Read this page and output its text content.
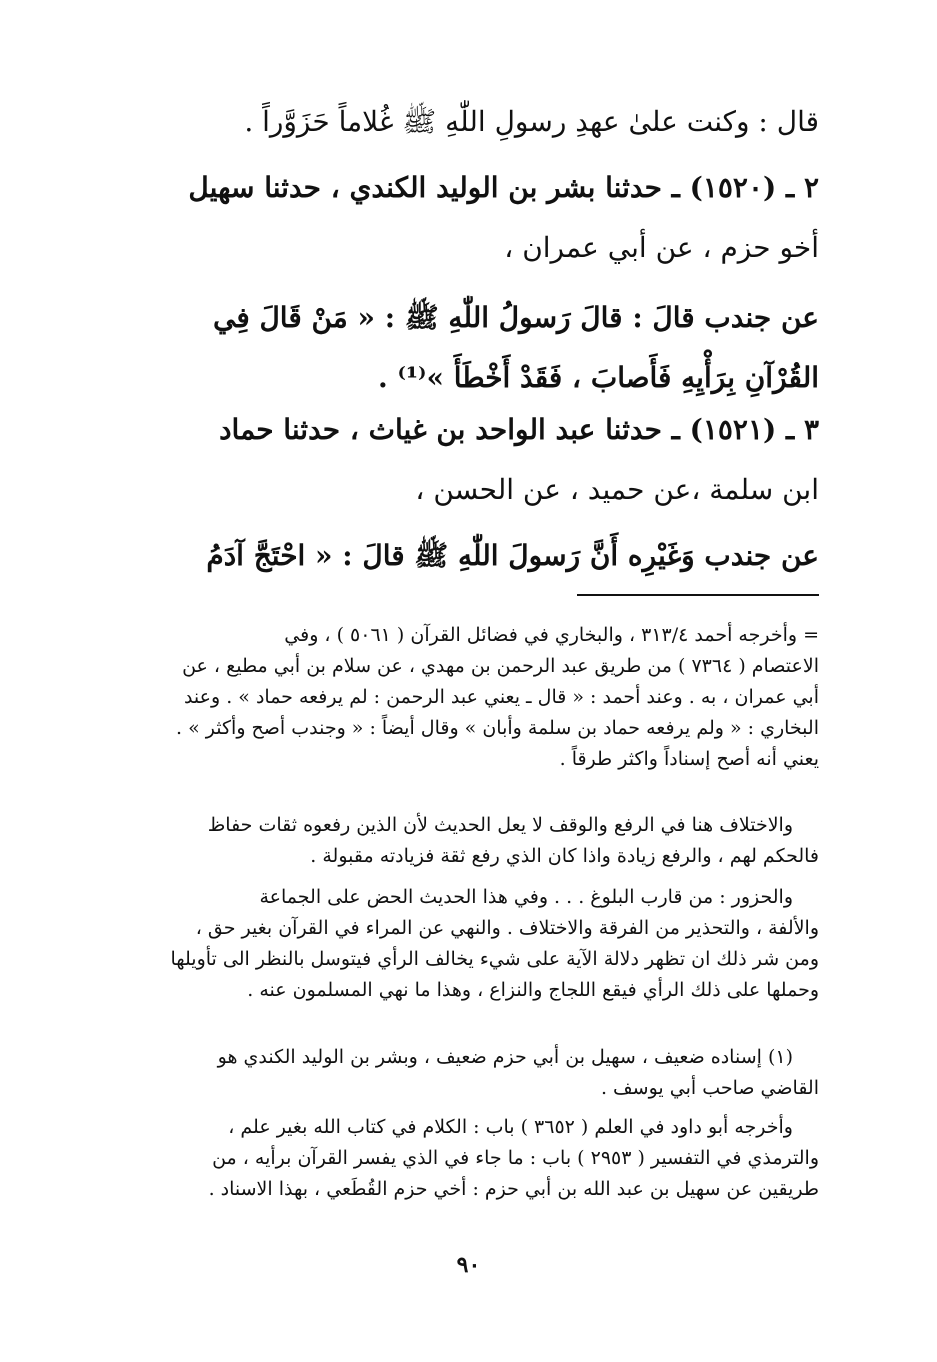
قال : وكنت علىٰ عهدِ رسولِ اللّٰهِ ﷺ غُلاماً حَزَوَّراً .

٢ ـ (١٥٢٠) ـ حدثنا بشر بن الوليد الكندي ، حدثنا سهيل
أخو حزم ، عن أبي عمران ،

عن جندب قالَ : قالَ رَسولُ اللّٰهِ ﷺ : « مَنْ قَالَ فِي
القُرْآنِ بِرَأْيِهِ فَأَصابَ ، فَقَدْ أَخْطَأَ »⁽¹⁾ .

٣ ـ (١٥٢١) ـ حدثنا عبد الواحد بن غياث ، حدثنا حماد
ابن سلمة ،عن حميد ، عن الحسن ،

عن جندب وَغَيْرِه أَنَّ رَسولَ اللّٰهِ ﷺ قالَ : « احْتَجَّ آدَمُ

= وأخرجه أحمد ٣١٣/٤ ، والبخاري في فضائل القرآن ( ٥٠٦١ ) ، وفي
الاعتصام ( ٧٣٦٤ ) من طريق عبد الرحمن بن مهدي ، عن سلام بن أبي مطيع ، عن
أبي عمران ، به . وعند أحمد : « قال ـ يعني عبد الرحمن : لم يرفعه حماد » . وعند
البخاري : « ولم يرفعه حماد بن سلمة وأبان » وقال أيضاً : « وجندب أصح وأكثر » .
يعني أنه أصح إسناداً واكثر طرقاً .

والاختلاف هنا في الرفع والوقف لا يعل الحديث لأن الذين رفعوه ثقات حفاظ
فالحكم لهم ، والرفع زيادة واذا كان الذي رفع ثقة فزيادته مقبولة .

والحزور : من قارب البلوغ . . . وفي هذا الحديث الحض على الجماعة
والألفة ، والتحذير من الفرقة والاختلاف . والنهي عن المراء في القرآن بغير حق ،
ومن شر ذلك ان تظهر دلالة الآية على شيء يخالف الرأي فيتوسل بالنظر الى تأويلها
وحملها على ذلك الرأي فيقع اللجاج والنزاع ، وهذا ما نهي المسلمون عنه .

(١) إسناده ضعيف ، سهيل بن أبي حزم ضعيف ، وبشر بن الوليد الكندي هو
القاضي صاحب أبي يوسف .

وأخرجه أبو داود في العلم ( ٣٦٥٢ ) باب : الكلام في كتاب الله بغير علم ،
والترمذي في التفسير ( ٢٩٥٣ ) باب : ما جاء في الذي يفسر القرآن برأيه ، من
طريقين عن سهيل بن عبد الله بن أبي حزم : أخي حزم القُطَعي ، بهذا الاسناد .

٩٠
